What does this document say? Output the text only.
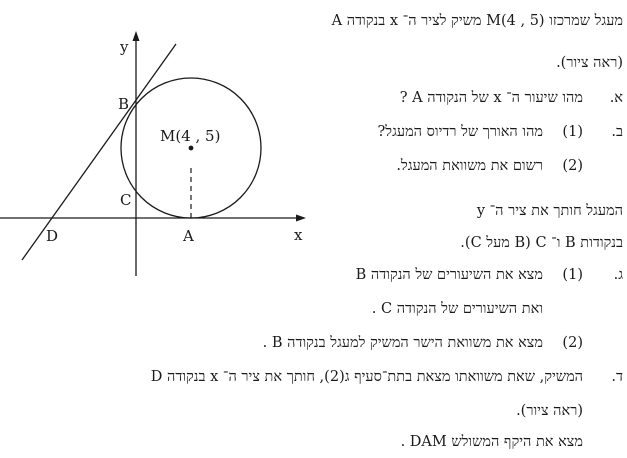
y
x
B
C
D	A
M(4 , 5)
מעגל שמרכזו (5 , 4)M משיק לציר ה־ x בנקודה A
(ראה ציור).
א.
מהו שיעור ה־ x של הנקודה A ?
ב.
(1)
מהו האורך של רדיוס המעגל?
(2)
רשום את משוואת המעגל.
המעגל חותך את ציר ה־ y
בנקודות B ו־ C (B מעל C).
ג.
(1)
מצא את השיעורים של הנקודה B
ואת השיעורים של הנקודה C .
(2)
מצא את משוואת הישר המשיק למעגל בנקודה B .
ד.
המשיק, שאת משוואתו מצאת בתת־סעיף ג(2), חותך את ציר ה־ x בנקודה D
(ראה ציור).
מצא את היקף המשולש DAM .
